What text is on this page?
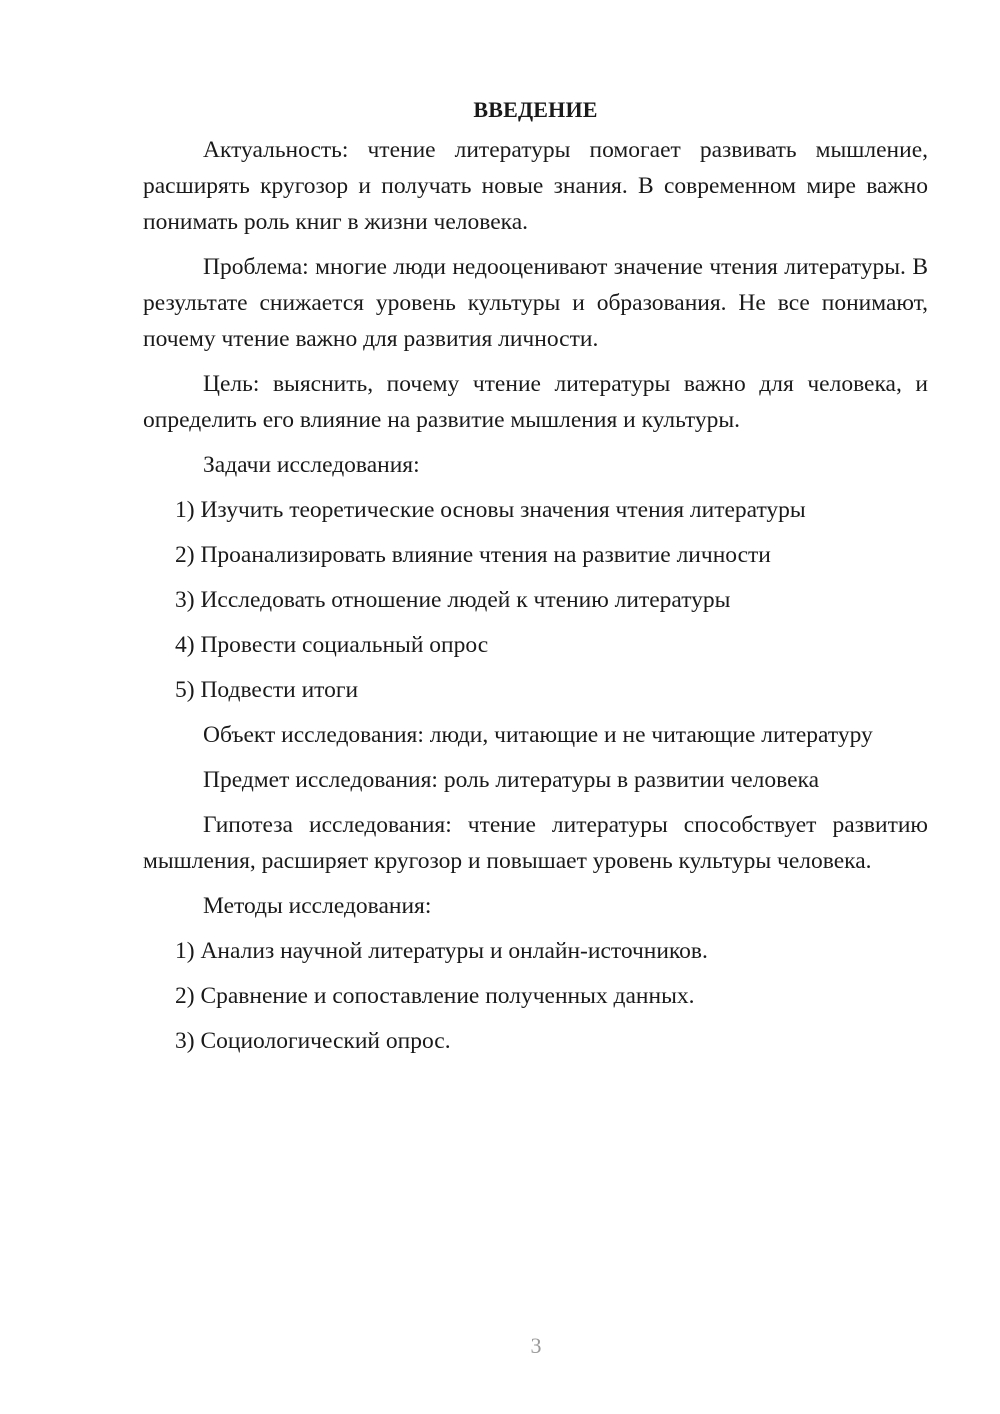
ВВЕДЕНИЕ

Актуальность: чтение литературы помогает развивать мышление, расширять кругозор и получать новые знания. В современном мире важно понимать роль книг в жизни человека.

Проблема: многие люди недооценивают значение чтения литературы. В результате снижается уровень культуры и образования. Не все понимают, почему чтение важно для развития личности.

Цель: выяснить, почему чтение литературы важно для человека, и определить его влияние на развитие мышления и культуры.

Задачи исследования:

1) Изучить теоретические основы значения чтения литературы

2) Проанализировать влияние чтения на развитие личности

3) Исследовать отношение людей к чтению литературы

4) Провести социальный опрос

5) Подвести итоги

Объект исследования: люди, читающие и не читающие литературу

Предмет исследования: роль литературы в развитии человека

Гипотеза исследования: чтение литературы способствует развитию мышления, расширяет кругозор и повышает уровень культуры человека.

Методы исследования:

1) Анализ научной литературы и онлайн-источников.

2) Сравнение и сопоставление полученных данных.

3) Социологический опрос.

3
